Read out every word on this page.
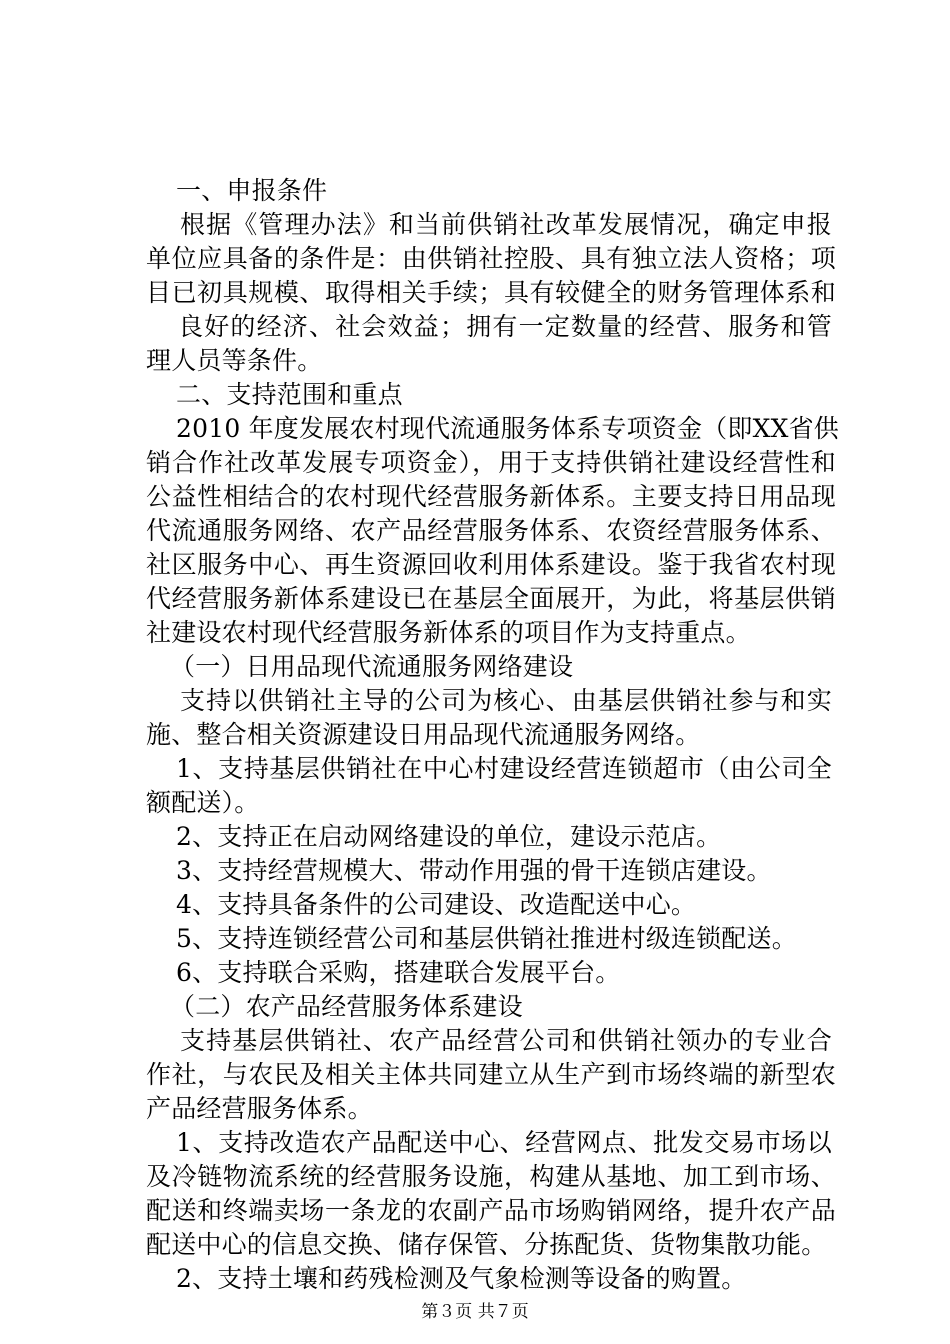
一、申报条件
根据《管理办法》和当前供销社改革发展情况，确定申报
单位应具备的条件是：由供销社控股、具有独立法人资格；项
目已初具规模、取得相关手续；具有较健全的财务管理体系和
良好的经济、社会效益；拥有一定数量的经营、服务和管
理人员等条件。
二、支持范围和重点
2010 年度发展农村现代流通服务体系专项资金（即XX省供
销合作社改革发展专项资金），用于支持供销社建设经营性和
公益性相结合的农村现代经营服务新体系。主要支持日用品现
代流通服务网络、农产品经营服务体系、农资经营服务体系、
社区服务中心、再生资源回收利用体系建设。鉴于我省农村现
代经营服务新体系建设已在基层全面展开，为此，将基层供销
社建设农村现代经营服务新体系的项目作为支持重点。
（一）日用品现代流通服务网络建设
支持以供销社主导的公司为核心、由基层供销社参与和实
施、整合相关资源建设日用品现代流通服务网络。
1、支持基层供销社在中心村建设经营连锁超市（由公司全
额配送）。
2、支持正在启动网络建设的单位，建设示范店。
3、支持经营规模大、带动作用强的骨干连锁店建设。
4、支持具备条件的公司建设、改造配送中心。
5、支持连锁经营公司和基层供销社推进村级连锁配送。
6、支持联合采购，搭建联合发展平台。
（二）农产品经营服务体系建设
支持基层供销社、农产品经营公司和供销社领办的专业合
作社，与农民及相关主体共同建立从生产到市场终端的新型农
产品经营服务体系。
1、支持改造农产品配送中心、经营网点、批发交易市场以
及冷链物流系统的经营服务设施，构建从基地、加工到市场、
配送和终端卖场一条龙的农副产品市场购销网络，提升农产品
配送中心的信息交换、储存保管、分拣配货、货物集散功能。
2、支持土壤和药残检测及气象检测等设备的购置。
第３页 共７页
